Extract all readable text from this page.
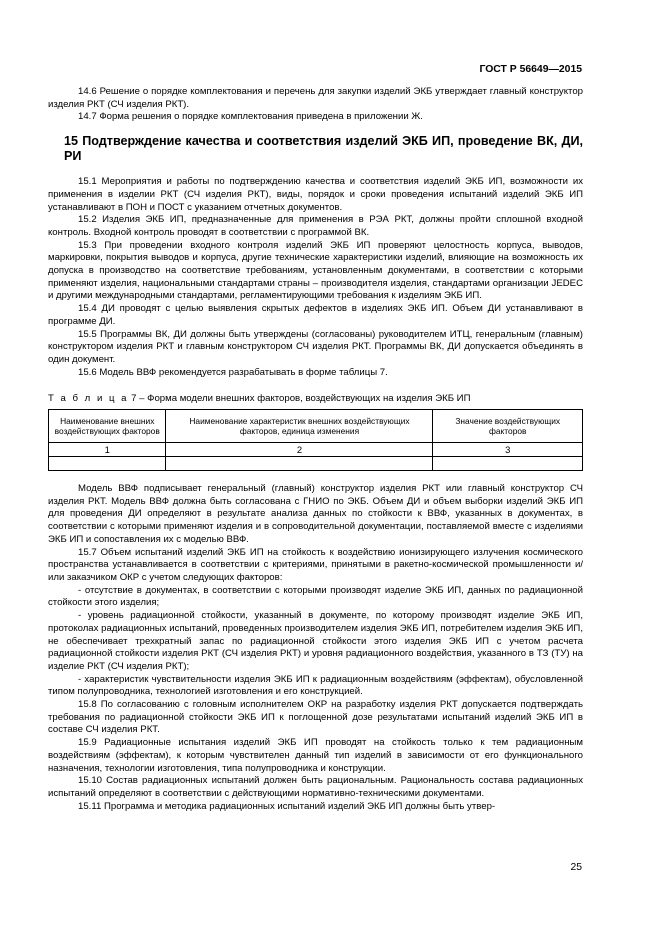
ГОСТ Р 56649—2015

14.6 Решение о порядке комплектования и перечень для закупки изделий ЭКБ утверждает главный конструктор изделия РКТ (СЧ изделия РКТ).

14.7 Форма решения о порядке комплектования приведена в приложении Ж.

15 Подтверждение качества и соответствия изделий ЭКБ ИП, проведение ВК, ДИ, РИ

15.1 Мероприятия и работы по подтверждению качества и соответствия изделий ЭКБ ИП, возможности их применения в изделии РКТ (СЧ изделия РКТ), виды, порядок и сроки проведения испытаний изделий ЭКБ ИП устанавливают в ПОН и ПОСТ с указанием отчетных документов.

15.2 Изделия ЭКБ ИП, предназначенные для применения в РЭА РКТ, должны пройти сплошной входной контроль. Входной контроль проводят в соответствии с программой ВК.

15.3 При проведении входного контроля изделий ЭКБ ИП проверяют целостность корпуса, выводов, маркировки, покрытия выводов и корпуса, другие технические характеристики изделий, влияющие на возможность их допуска в производство на соответствие требованиям, установленным документами, в соответствии с которыми применяют изделия, национальными стандартами страны – производителя изделия, стандартами организации JEDEC и другими международными стандартами, регламентирующими требования к изделиям ЭКБ ИП.

15.4 ДИ проводят с целью выявления скрытых дефектов в изделиях ЭКБ ИП. Объем ДИ устанавливают в программе ДИ.

15.5 Программы ВК, ДИ должны быть утверждены (согласованы) руководителем ИТЦ, генеральным (главным) конструктором изделия РКТ и главным конструктором СЧ изделия РКТ. Программы ВК, ДИ допускается объединять в один документ.

15.6 Модель ВВФ рекомендуется разрабатывать в форме таблицы 7.

Т а б л и ц а 7 – Форма модели внешних факторов, воздействующих на изделия ЭКБ ИП

Наименование внешних воздействующих факторов	Наименование характеристик внешних воздействующих факторов, единица изменения	Значение воздействующих факторов
1	2	3

Модель ВВФ подписывает генеральный (главный) конструктор изделия РКТ или главный конструктор СЧ изделия РКТ. Модель ВВФ должна быть согласована с ГНИО по ЭКБ. Объем ДИ и объем выборки изделий ЭКБ ИП для проведения ДИ определяют в результате анализа данных по стойкости к ВВФ, указанных в документах, в соответствии с которыми применяют изделия и в сопроводительной документации, поставляемой вместе с изделиями ЭКБ ИП и сопоставления их с моделью ВВФ.

15.7 Объем испытаний изделий ЭКБ ИП на стойкость к воздействию ионизирующего излучения космического пространства устанавливается в соответствии с критериями, принятыми в ракетно-космической промышленности и/или заказчиком ОКР с учетом следующих факторов:

- отсутствие в документах, в соответствии с которыми производят изделие ЭКБ ИП, данных по радиационной стойкости этого изделия;

- уровень радиационной стойкости, указанный в документе, по которому производят изделие ЭКБ ИП, протоколах радиационных испытаний, проведенных производителем изделия ЭКБ ИП, потребителем изделия ЭКБ ИП, не обеспечивает трехкратный запас по радиационной стойкости этого изделия ЭКБ ИП с учетом расчета радиационной стойкости изделия РКТ (СЧ изделия РКТ) и уровня радиационного воздействия, указанного в ТЗ (ТУ) на изделие РКТ (СЧ изделия РКТ);

- характеристик чувствительности изделия ЭКБ ИП к радиационным воздействиям (эффектам), обусловленной типом полупроводника, технологией изготовления и его конструкцией.

15.8 По согласованию с головным исполнителем ОКР на разработку изделия РКТ допускается подтверждать требования по радиационной стойкости ЭКБ ИП к поглощенной дозе результатами испытаний изделий ЭКБ ИП в составе СЧ изделия РКТ.

15.9 Радиационные испытания изделий ЭКБ ИП проводят на стойкость только к тем радиационным воздействиям (эффектам), к которым чувствителен данный тип изделий в зависимости от его функционального назначения, технологии изготовления, типа полупроводника и конструкции.

15.10 Состав радиационных испытаний должен быть рациональным. Рациональность состава радиационных испытаний определяют в соответствии с действующими нормативно-техническими документами.

15.11 Программа и методика радиационных испытаний изделий ЭКБ ИП должны быть утвер-

25
